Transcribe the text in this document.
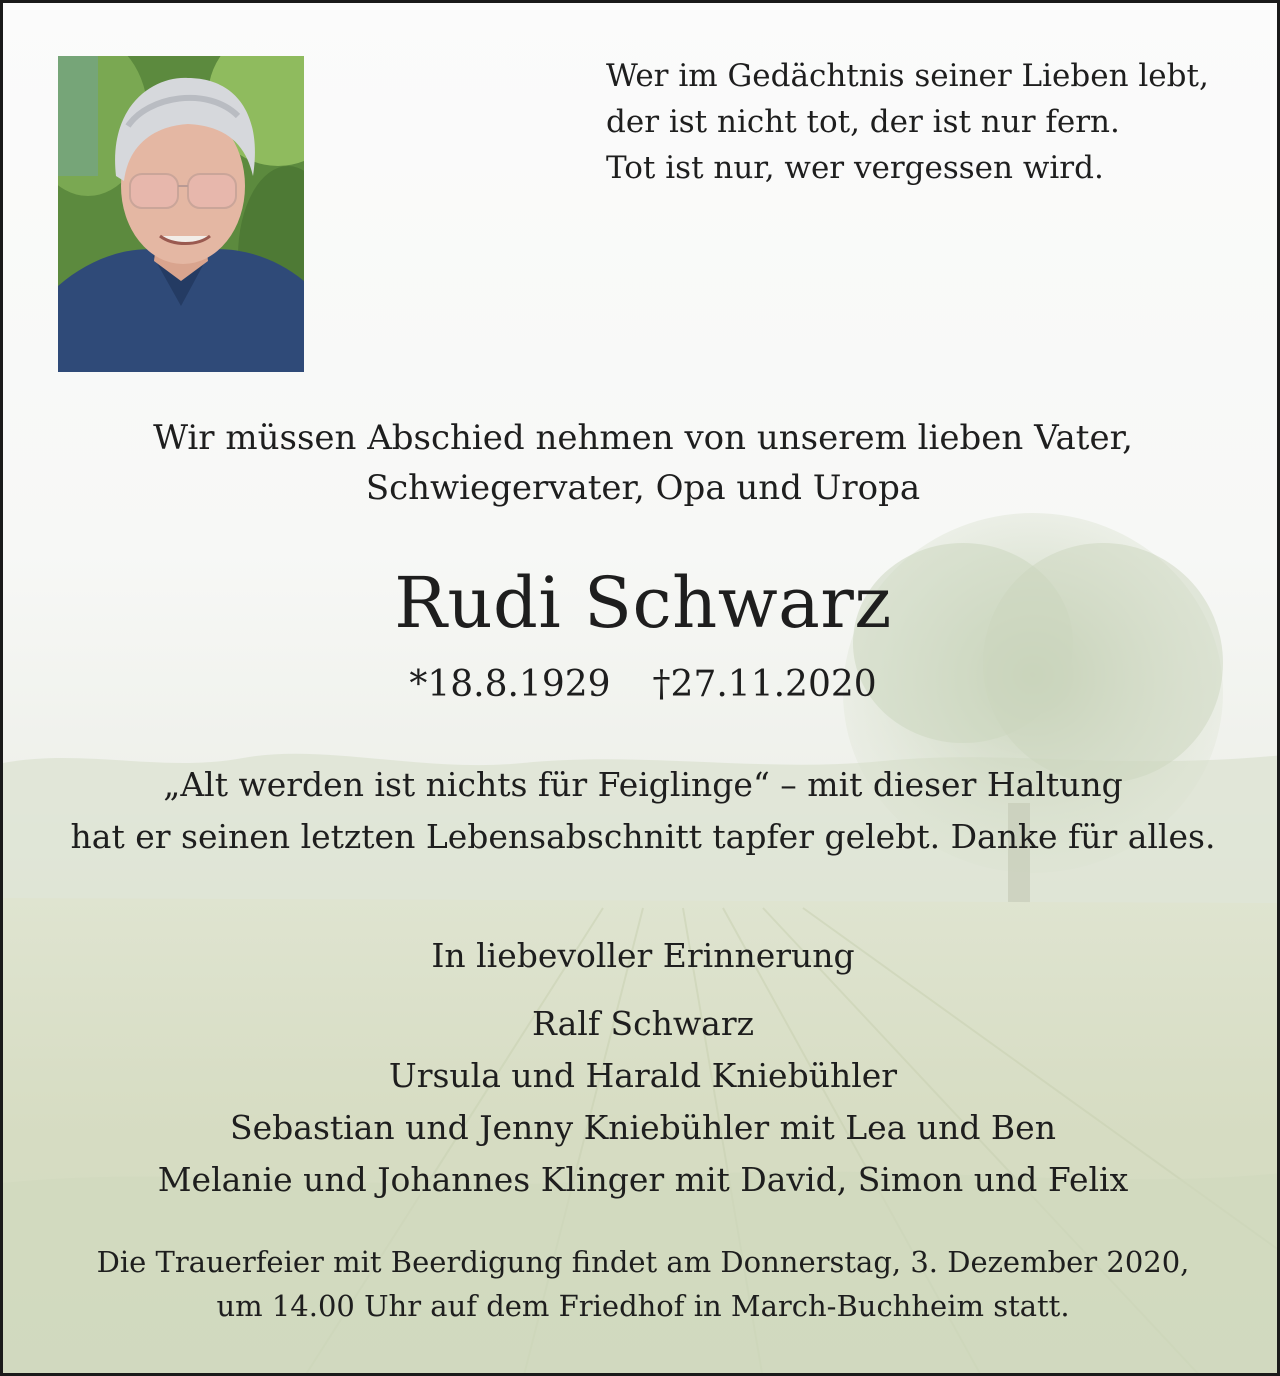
Wer im Gedächtnis seiner Lieben lebt,
der ist nicht tot, der ist nur fern.
Tot ist nur, wer vergessen wird.
Wir müssen Abschied nehmen von unserem lieben Vater,
Schwiegervater, Opa und Uropa
Rudi Schwarz
*18.8.1929 †27.11.2020
„Alt werden ist nichts für Feiglinge“ – mit dieser Haltung
hat er seinen letzten Lebensabschnitt tapfer gelebt. Danke für alles.
In liebevoller Erinnerung
Ralf Schwarz
Ursula und Harald Kniebühler
Sebastian und Jenny Kniebühler mit Lea und Ben
Melanie und Johannes Klinger mit David, Simon und Felix
Die Trauerfeier mit Beerdigung findet am Donnerstag, 3. Dezember 2020,
um 14.00 Uhr auf dem Friedhof in March-Buchheim statt.
